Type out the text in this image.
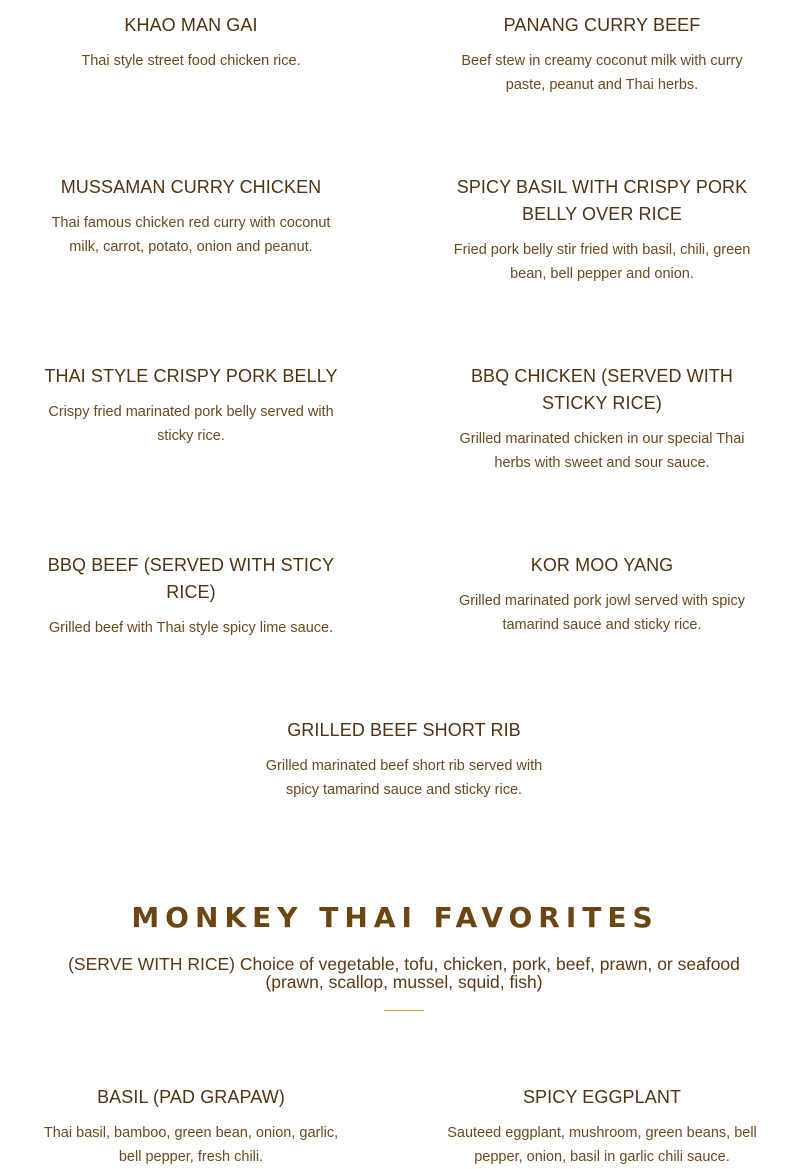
KHAO MAN GAI

Thai style street food chicken rice.

PANANG CURRY BEEF

Beef stew in creamy coconut milk with curry paste, peanut and Thai herbs.

MUSSAMAN CURRY CHICKEN

Thai famous chicken red curry with coconut milk, carrot, potato, onion and peanut.

SPICY BASIL WITH CRISPY PORK BELLY OVER RICE

Fried pork belly stir fried with basil, chili, green bean, bell pepper and onion.

THAI STYLE CRISPY PORK BELLY

Crispy fried marinated pork belly served with sticky rice.

BBQ CHICKEN (SERVED WITH STICKY RICE)

Grilled marinated chicken in our special Thai herbs with sweet and sour sauce.

BBQ BEEF (SERVED WITH STICY RICE)

Grilled beef with Thai style spicy lime sauce.

KOR MOO YANG

Grilled marinated pork jowl served with spicy tamarind sauce and sticky rice.

GRILLED BEEF SHORT RIB

Grilled marinated beef short rib served with spicy tamarind sauce and sticky rice.

MONKEY THAI FAVORITES
(SERVE WITH RICE) Choice of vegetable, tofu, chicken, pork, beef, prawn, or seafood
(prawn, scallop, mussel, squid, fish)
BASIL (PAD GRAPAW)

Thai basil, bamboo, green bean, onion, garlic, bell pepper, fresh chili.

SPICY EGGPLANT

Sauteed eggplant, mushroom, green beans, bell pepper, onion, basil in garlic chili sauce.
